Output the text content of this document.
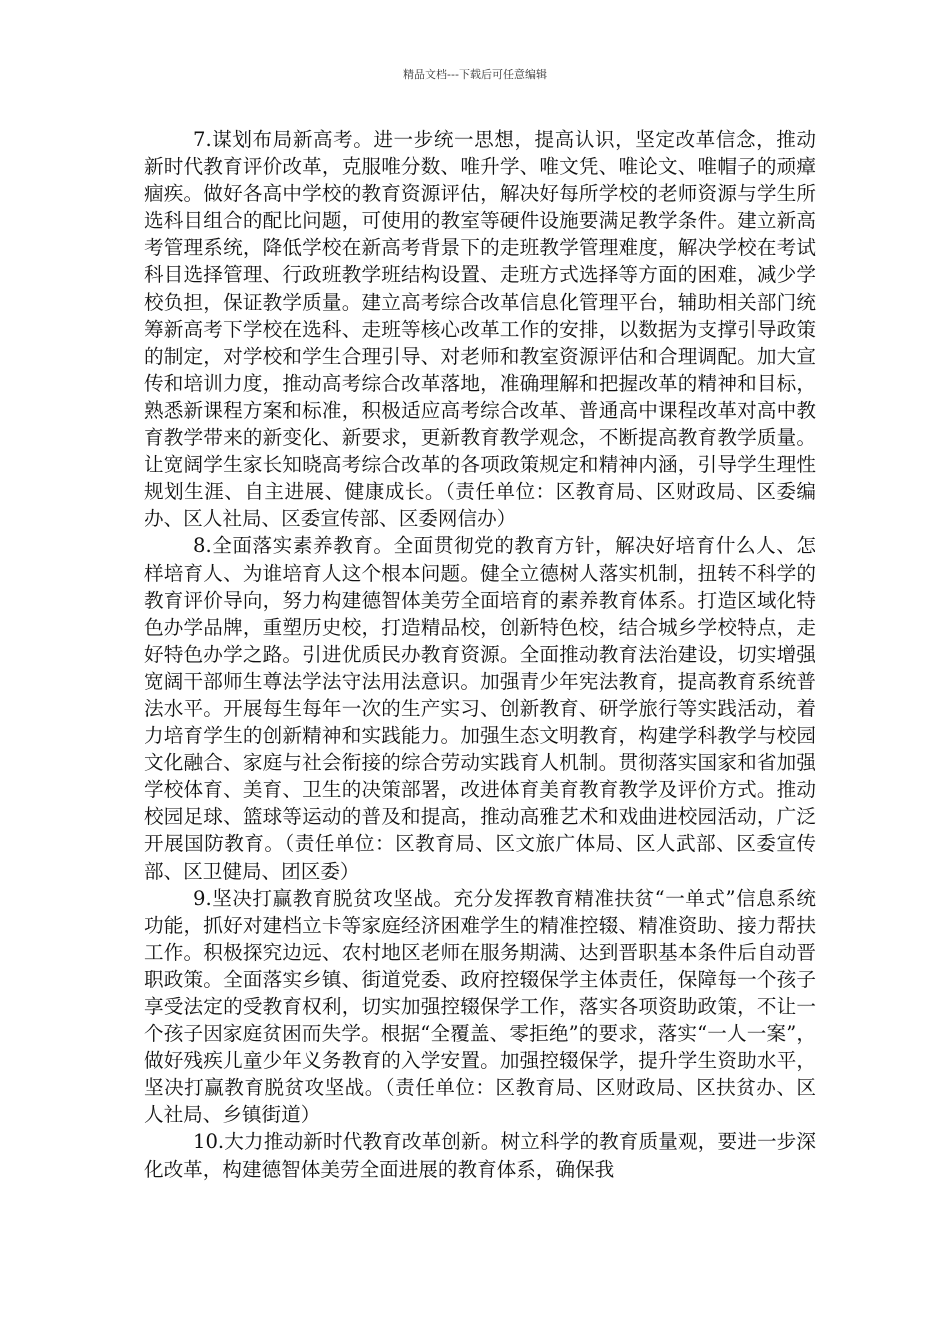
精品文档---下载后可任意编辑

7.谋划布局新高考。进一步统一思想，提高认识，坚定改革信念，推动新时代教育评价改革，克服唯分数、唯升学、唯文凭、唯论文、唯帽子的顽瘴痼疾。做好各高中学校的教育资源评估，解决好每所学校的老师资源与学生所选科目组合的配比问题，可使用的教室等硬件设施要满足教学条件。建立新高考管理系统，降低学校在新高考背景下的走班教学管理难度，解决学校在考试科目选择管理、行政班教学班结构设置、走班方式选择等方面的困难，减少学校负担，保证教学质量。建立高考综合改革信息化管理平台，辅助相关部门统筹新高考下学校在选科、走班等核心改革工作的安排，以数据为支撑引导政策的制定，对学校和学生合理引导、对老师和教室资源评估和合理调配。加大宣传和培训力度，推动高考综合改革落地，准确理解和把握改革的精神和目标，熟悉新课程方案和标准，积极适应高考综合改革、普通高中课程改革对高中教育教学带来的新变化、新要求，更新教育教学观念，不断提高教育教学质量。让宽阔学生家长知晓高考综合改革的各项政策规定和精神内涵，引导学生理性规划生涯、自主进展、健康成长。（责任单位：区教育局、区财政局、区委编办、区人社局、区委宣传部、区委网信办）

8.全面落实素养教育。全面贯彻党的教育方针，解决好培育什么人、怎样培育人、为谁培育人这个根本问题。健全立德树人落实机制，扭转不科学的教育评价导向，努力构建德智体美劳全面培育的素养教育体系。打造区域化特色办学品牌，重塑历史校，打造精品校，创新特色校，结合城乡学校特点，走好特色办学之路。引进优质民办教育资源。全面推动教育法治建设，切实增强宽阔干部师生尊法学法守法用法意识。加强青少年宪法教育，提高教育系统普法水平。开展每生每年一次的生产实习、创新教育、研学旅行等实践活动，着力培育学生的创新精神和实践能力。加强生态文明教育，构建学科教学与校园文化融合、家庭与社会衔接的综合劳动实践育人机制。贯彻落实国家和省加强学校体育、美育、卫生的决策部署，改进体育美育教育教学及评价方式。推动校园足球、篮球等运动的普及和提高，推动高雅艺术和戏曲进校园活动，广泛开展国防教育。（责任单位：区教育局、区文旅广体局、区人武部、区委宣传部、区卫健局、团区委）

9.坚决打赢教育脱贫攻坚战。充分发挥教育精准扶贫“一单式”信息系统功能，抓好对建档立卡等家庭经济困难学生的精准控辍、精准资助、接力帮扶工作。积极探究边远、农村地区老师在服务期满、达到晋职基本条件后自动晋职政策。全面落实乡镇、街道党委、政府控辍保学主体责任，保障每一个孩子享受法定的受教育权利，切实加强控辍保学工作，落实各项资助政策，不让一个孩子因家庭贫困而失学。根据“全覆盖、零拒绝”的要求，落实“一人一案”，做好残疾儿童少年义务教育的入学安置。加强控辍保学，提升学生资助水平，坚决打赢教育脱贫攻坚战。（责任单位：区教育局、区财政局、区扶贫办、区人社局、乡镇街道）

10.大力推动新时代教育改革创新。树立科学的教育质量观，要进一步深化改革，构建德智体美劳全面进展的教育体系，确保我
